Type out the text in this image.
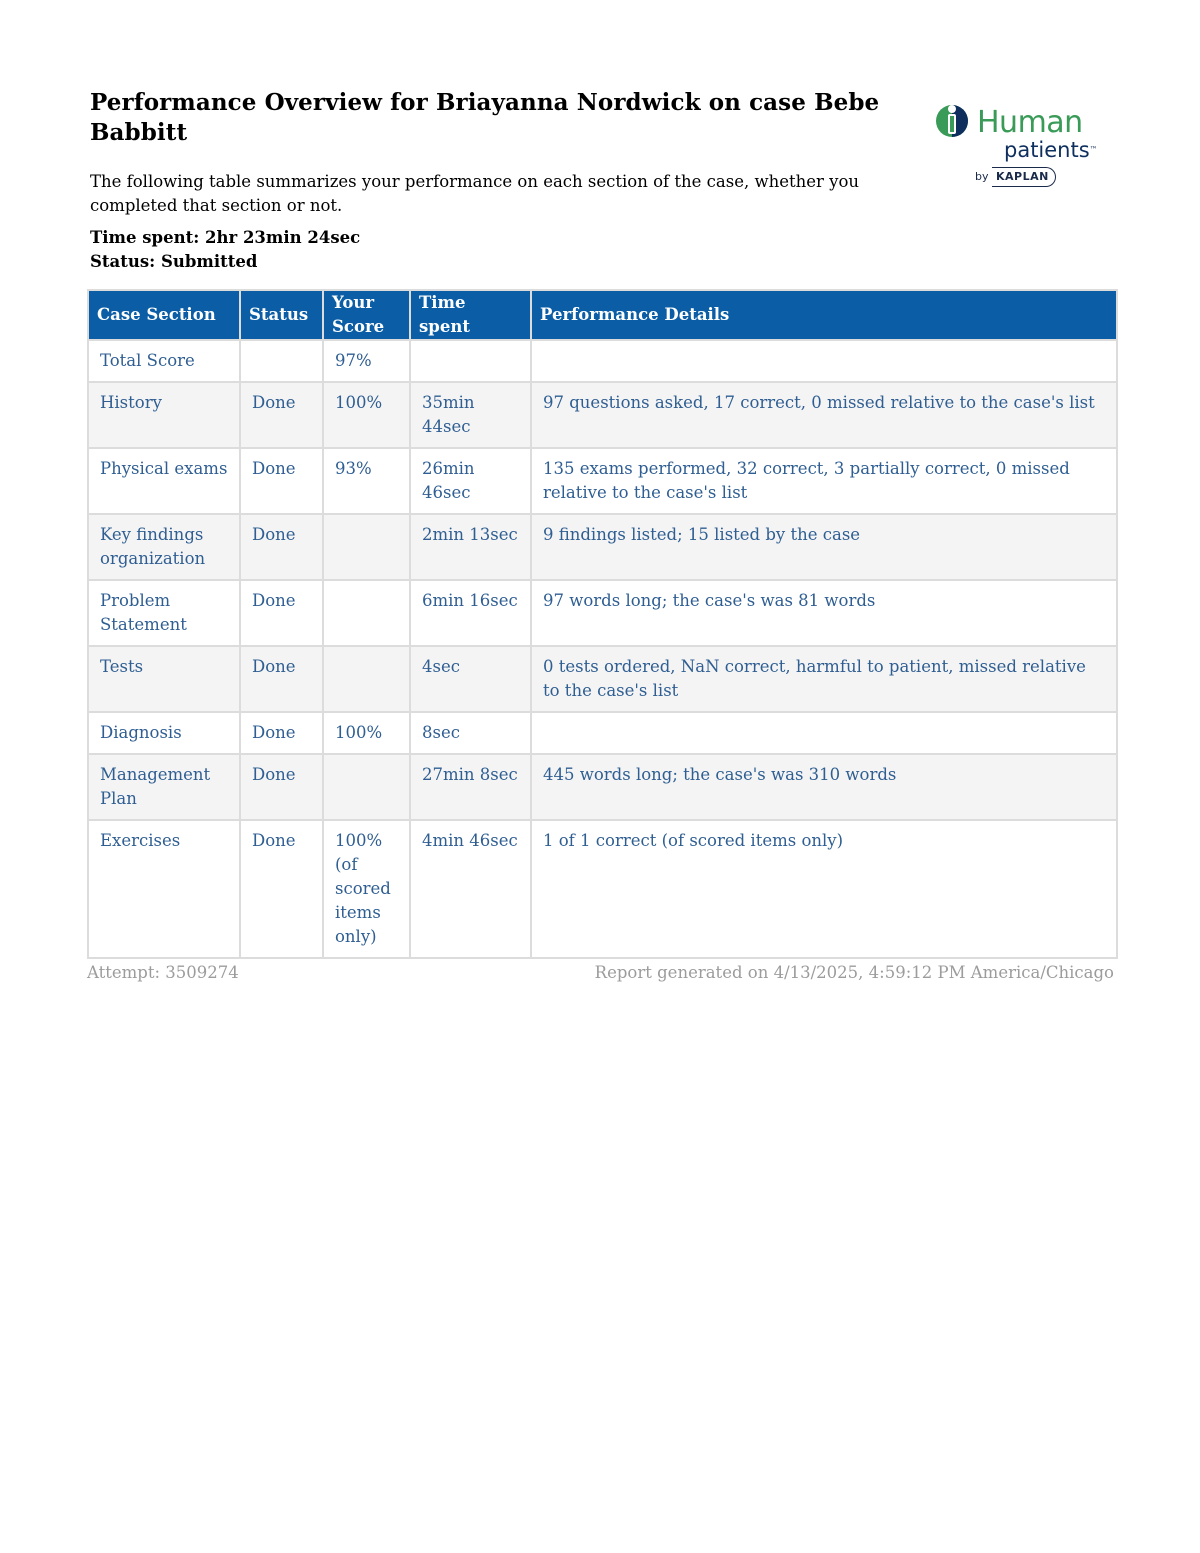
Performance Overview for Briayanna Nordwick on case Bebe Babbitt

The following table summarizes your performance on each section of the case, whether you completed that section or not.

Time spent: 2hr 23min 24sec
Status: Submitted
Human
patients™
by KAPLAN
Case Section	Status	Your Score	Time spent	Performance Details
Total Score		97%		
History	Done	100%	35min 44sec	97 questions asked, 17 correct, 0 missed relative to the case's list
Physical exams	Done	93%	26min 46sec	135 exams performed, 32 correct, 3 partially correct, 0 missed relative to the case's list
Key findings organization	Done		2min 13sec	9 findings listed; 15 listed by the case
Problem Statement	Done		6min 16sec	97 words long; the case's was 81 words
Tests	Done		4sec	0 tests ordered, NaN correct, harmful to patient, missed relative to the case's list
Diagnosis	Done	100%	8sec	
Management Plan	Done		27min 8sec	445 words long; the case's was 310 words
Exercises	Done	100% (of scored items only)	4min 46sec	1 of 1 correct (of scored items only)
Attempt: 3509274	Report generated on 4/13/2025, 4:59:12 PM America/Chicago
